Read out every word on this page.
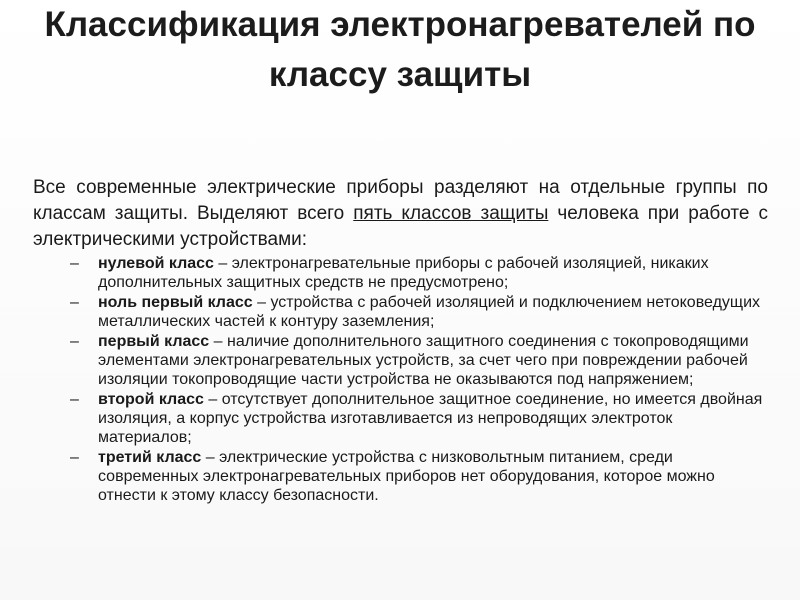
Классификация электронагревателей по классу защиты

Все современные электрические приборы разделяют на отдельные группы по классам защиты. Выделяют всего пять классов защиты человека при работе с электрическими устройствами:

– нулевой класс – электронагревательные приборы с рабочей изоляцией, никаких дополнительных защитных средств не предусмотрено;
– ноль первый класс – устройства с рабочей изоляцией и подключением нетоковедущих металлических частей к контуру заземления;
– первый класс – наличие дополнительного защитного соединения с токопроводящими элементами электронагревательных устройств, за счет чего при повреждении рабочей изоляции токопроводящие части устройства не оказываются под напряжением;
– второй класс – отсутствует дополнительное защитное соединение, но имеется двойная изоляция, а корпус устройства изготавливается из непроводящих электроток материалов;
– третий класс – электрические устройства с низковольтным питанием, среди современных электронагревательных приборов нет оборудования, которое можно отнести к этому классу безопасности.
